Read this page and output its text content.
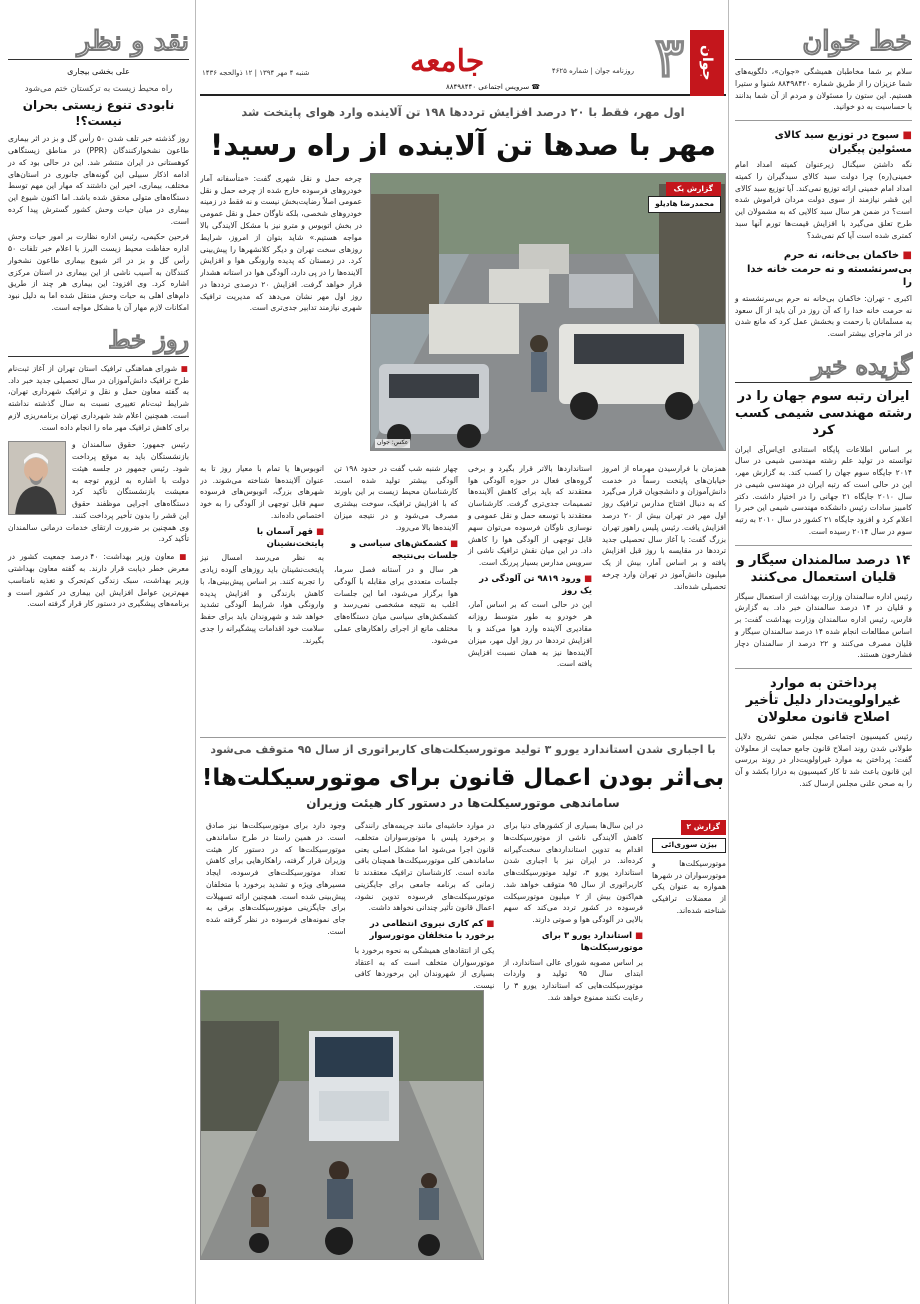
خط خوان

سلام بر شما مخاطبان همیشگی «جوان»، دلگویه‌های شما عزیزان را از طریق شماره ۸۸۴۹۸۴۲۰ شنوا و ستیرا هستیم. این ستون را مسئولان و مردم از آن شما بدانند با حساسیت به دو خوانید.

■ سبوح در توزیع سبد کالای مسئولین پیگیران

نگه داشتن سیگنال زیرعنوان کمیته امداد امام خمینی(ره) چرا دولت سبد کالای سبدگیران را کمیته امداد امام خمینی ارائه توزیع نمی‌کند. آیا توزیع سبد کالای این قشر نیازمند از سوی دولت مردان فراموش شده است؟ در ضمن هر سال سبد کالایی که به مشمولان این طرح تعلق می‌گیرد با افزایش قیمت‌ها تورم آنها سبد کمتری شده است آیا کم نمی‌شد؟

■ خاکمان بی‌خانه، نه حرم بی‌سرنشسته و نه حرمت خانه خدا را

اکبری - تهران: خاکمان بی‌خانه نه حرم بی‌سرنشسته و نه حرمت خانه خدا را که آن روز در آن باید از آل سعود به مسلمانان با رحمت و بخشش عمل کرد که مانع شدن در اثر ماجرای بیشتر است.

گزیده خبر

ایران رتبه سوم جهان را در رشته مهندسی شیمی کسب کرد

بر اساس اطلاعات پایگاه استنادی ای‌اس‌آی ایران توانسته در تولید علم رشته مهندسی شیمی در سال ۲۰۱۴ جایگاه سوم جهان را کسب کند. به گزارش مهر، این در حالی است که رتبه ایران در مهندسی شیمی در سال ۲۰۱۰ جایگاه ۲۱ جهانی را در اختیار داشت. دکتر کامبیز سادات رئیس دانشکده مهندسی شیمی این خبر را اعلام کرد و افزود جایگاه ۲۱ کشور در سال ۲۰۱۰ به رتبه سوم در سال ۲۰۱۴ رسیده است.

۱۴ درصد سالمندان سیگار و قلیان استعمال می‌کنند

رئیس اداره سالمندان وزارت بهداشت از استعمال سیگار و قلیان در ۱۴ درصد سالمندان خبر داد. به گزارش فارس، رئیس اداره سالمندان وزارت بهداشت گفت: بر اساس مطالعات انجام شده ۱۴ درصد سالمندان سیگار و قلیان مصرف می‌کنند و ۲۲ درصد از سالمندان دچار فشارخون هستند.

پرداختن به موارد غیراولویت‌دار دلیل تأخیر اصلاح قانون معلولان

رئیس کمیسیون اجتماعی مجلس ضمن تشریح دلایل طولانی شدن روند اصلاح قانون جامع حمایت از معلولان گفت: پرداختن به موارد غیراولویت‌دار در روند بررسی این قانون باعث شد تا کار کمیسیون به درازا بکشد و آن را به صحن علنی مجلس ارسال کند.

جوان
۳
روزنامه جوان | شماره ۴۶۲۵
جامعه
☎ سرویس اجتماعی ۸۸۴۹۸۴۴۰
شنبه ۴ مهر ۱۳۹۴ | ۱۲ ذوالحجه ۱۴۳۶

اول مهر، فقط با ۲۰ درصد افزایش ترددها ۱۹۸ تن آلاینده وارد هوای پایتخت شد

مهر با صدها تن آلاینده از راه رسید!
گزارش یک
محمدرضا هادیلو
عکس: جوان

چرخه حمل و نقل شهری گفت: «متأسفانه آمار خودروهای فرسوده خارج شده از چرخه حمل و نقل عمومی اصلاً رضایت‌بخش نیست و نه فقط در زمینه خودروهای شخصی، بلکه ناوگان حمل و نقل عمومی در بخش اتوبوس و مترو نیز با مشکل آلایندگی بالا مواجه هستیم.» شاید بتوان از امروز، شرایط روزهای سخت تهران و دیگر کلانشهرها را پیش‌بینی کرد. در زمستان که پدیده وارونگی هوا و افزایش آلاینده‌ها را در پی دارد، آلودگی هوا در استانه هشدار قرار خواهد گرفت. افزایش ۲۰ درصدی ترددها در روز اول مهر نشان می‌دهد که مدیریت ترافیک شهری نیازمند تدابیر جدی‌تری است.

همزمان با فرارسیدن مهرماه از امروز خیابان‌های پایتخت رسماً در خدمت دانش‌آموزان و دانشجویان قرار می‌گیرد که به دنبال افتتاح مدارس ترافیک روز اول مهر در تهران بیش از ۲۰ درصد افزایش یافت. رئیس پلیس راهور تهران بزرگ گفت: با آغاز سال تحصیلی جدید ترددها در مقایسه با روز قبل افزایش یافته و بر اساس آمار، بیش از یک میلیون دانش‌آموز در تهران وارد چرخه تحصیلی شده‌اند.

استانداردها بالاتر قرار بگیرد و برخی گروه‌های فعال در حوزه آلودگی هوا معتقدند که باید برای کاهش آلاینده‌ها تصمیمات جدی‌تری گرفت. کارشناسان معتقدند با توسعه حمل و نقل عمومی و نوسازی ناوگان فرسوده می‌توان سهم قابل توجهی از آلودگی هوا را کاهش داد. در این میان نقش ترافیک ناشی از سرویس مدارس بسیار پررنگ است.

■ ورود ۹۸۱۹ تن آلودگی در یک روز

این در حالی است که بر اساس آمار، هر خودرو به طور متوسط روزانه مقادیری آلاینده وارد هوا می‌کند و با افزایش ترددها در روز اول مهر، میزان آلاینده‌ها نیز به همان نسبت افزایش یافته است.

چهار شنبه شب گفت در حدود ۱۹۸ تن آلودگی بیشتر تولید شده است. کارشناسان محیط زیست بر این باورند که با افزایش ترافیک، سوخت بیشتری مصرف می‌شود و در نتیجه میزان آلاینده‌ها بالا می‌رود.

■ کشمکش‌های سیاسی و جلسات بی‌نتیجه

هر سال و در آستانه فصل سرما، جلسات متعددی برای مقابله با آلودگی هوا برگزار می‌شود، اما این جلسات اغلب به نتیجه مشخصی نمی‌رسد و کشمکش‌های سیاسی میان دستگاه‌های مختلف مانع از اجرای راهکارهای عملی می‌شود.

اتوبوس‌ها یا تمام با معیار روز تا به عنوان آلاینده‌ها شناخته می‌شوند. در شهرهای بزرگ، اتوبوس‌های فرسوده سهم قابل توجهی از آلودگی را به خود اختصاص داده‌اند.

■ قهر آسمان با پایتخت‌نشینان

به نظر می‌رسد امسال نیز پایتخت‌نشینان باید روزهای آلوده زیادی را تجربه کنند. بر اساس پیش‌بینی‌ها، با کاهش بارندگی و افزایش پدیده وارونگی هوا، شرایط آلودگی تشدید خواهد شد و شهروندان باید برای حفظ سلامت خود اقدامات پیشگیرانه را جدی بگیرند.

با اجباری شدن استاندارد یورو ۳ تولید موتورسیکلت‌های کاربراتوری از سال ۹۵ متوقف می‌شود

بی‌اثر بودن اعمال قانون برای موتورسیکلت‌ها!

ساماندهی موتورسیکلت‌ها در دستور کار هیئت وزیران

گزارش ۲
بیژن سوری‌ائی

موتورسیکلت‌ها و موتورسواران در شهرها همواره به عنوان یکی از معضلات ترافیکی شناخته شده‌اند.

در این سال‌ها بسیاری از کشورهای دنیا برای کاهش آلایندگی ناشی از موتورسیکلت‌ها اقدام به تدوین استانداردهای سخت‌گیرانه کرده‌اند. در ایران نیز با اجباری شدن استاندارد یورو ۳، تولید موتورسیکلت‌های کاربراتوری از سال ۹۵ متوقف خواهد شد. هم‌اکنون بیش از ۲ میلیون موتورسیکلت فرسوده در کشور تردد می‌کند که سهم بالایی در آلودگی هوا و صوتی دارند.

■ استاندارد یورو ۳ برای موتورسیکلت‌ها

بر اساس مصوبه شورای عالی استاندارد، از ابتدای سال ۹۵ تولید و واردات موتورسیکلت‌هایی که استاندارد یورو ۳ را رعایت نکنند ممنوع خواهد شد.

در موارد حاشیه‌ای مانند جریمه‌های رانندگی و برخورد پلیس با موتورسواران متخلف، قانون اجرا می‌شود اما مشکل اصلی یعنی ساماندهی کلی موتورسیکلت‌ها همچنان باقی مانده است. کارشناسان ترافیک معتقدند تا زمانی که برنامه جامعی برای جایگزینی موتورسیکلت‌های فرسوده تدوین نشود، اعمال قانون تأثیر چندانی نخواهد داشت.

■ کم کاری نیروی انتظامی در برخورد با متخلفان موتورسوار

یکی از انتقادهای همیشگی به نحوه برخورد با موتورسواران متخلف است که به اعتقاد بسیاری از شهروندان این برخوردها کافی نیست.

وجود دارد برای موتورسیکلت‌ها نیز صادق است. در همین راستا در طرح ساماندهی موتورسیکلت‌ها که در دستور کار هیئت وزیران قرار گرفته، راهکارهایی برای کاهش تعداد موتورسیکلت‌های فرسوده، ایجاد مسیرهای ویژه و تشدید برخورد با متخلفان پیش‌بینی شده است. همچنین ارائه تسهیلات برای جایگزینی موتورسیکلت‌های برقی به جای نمونه‌های فرسوده در نظر گرفته شده است.

نقد و نظر

علی بخشی بیجاری

راه محیط زیست به ترکستان ختم می‌شود

نابودی تنوع زیستی بحران نیست؟!

روز گذشته خبر تلف شدن ۵۰ رأس گل و بز در اثر بیماری طاعون نشخوارکنندگان (PPR) در مناطق زیستگاهی کوهستانی در ایران منتشر شد. این در حالی بود که در ادامه اذکار سبیلی این گونه‌های جانوری در استان‌های مختلف، بیماری، اخیر این داشتند که مهار این مهم توسط دستگاه‌های متولی محقق شده باشد. اما اکنون شیوع این بیماری در میان حیات وحش کشور گسترش پیدا کرده است.

فرحین حکیمی، رئیس اداره نظارت بر امور حیات وحش اداره حفاظت محیط زیست البرز با اعلام خبر تلفات ۵۰ رأس گل و بز در اثر شیوع بیماری طاعون نشخوار کنندگان به آسیب ناشی از این بیماری در استان مرکزی اشاره کرد. وی افزود: این بیماری هر چند از طریق دام‌های اهلی به حیات وحش منتقل شده اما به دلیل نبود امکانات لازم مهار آن با مشکل مواجه است.

روز خط

■ شورای هماهنگی ترافیک استان تهران از آغاز ثبت‌نام طرح ترافیک دانش‌آموزان در سال تحصیلی جدید خبر داد. به گفته معاون حمل و نقل و ترافیک شهرداری تهران، شرایط ثبت‌نام تغییری نسبت به سال گذشته نداشته است. همچنین اعلام شد شهرداری تهران برنامه‌ریزی لازم برای کاهش ترافیک مهر ماه را انجام داده است.

رئیس جمهور: حقوق سالمندان و بازنشستگان باید به موقع پرداخت شود. رئیس جمهور در جلسه هیئت دولت با اشاره به لزوم توجه به معیشت بازنشستگان تأکید کرد دستگاه‌های اجرایی موظفند حقوق این قشر را بدون تأخیر پرداخت کنند. وی همچنین بر ضرورت ارتقای خدمات درمانی سالمندان تأکید کرد.

■ معاون وزیر بهداشت: ۴۰ درصد جمعیت کشور در معرض خطر دیابت قرار دارند. به گفته معاون بهداشتی وزیر بهداشت، سبک زندگی کم‌تحرک و تغذیه نامناسب مهم‌ترین عوامل افزایش این بیماری در کشور است و برنامه‌های پیشگیری در دستور کار قرار گرفته است.
